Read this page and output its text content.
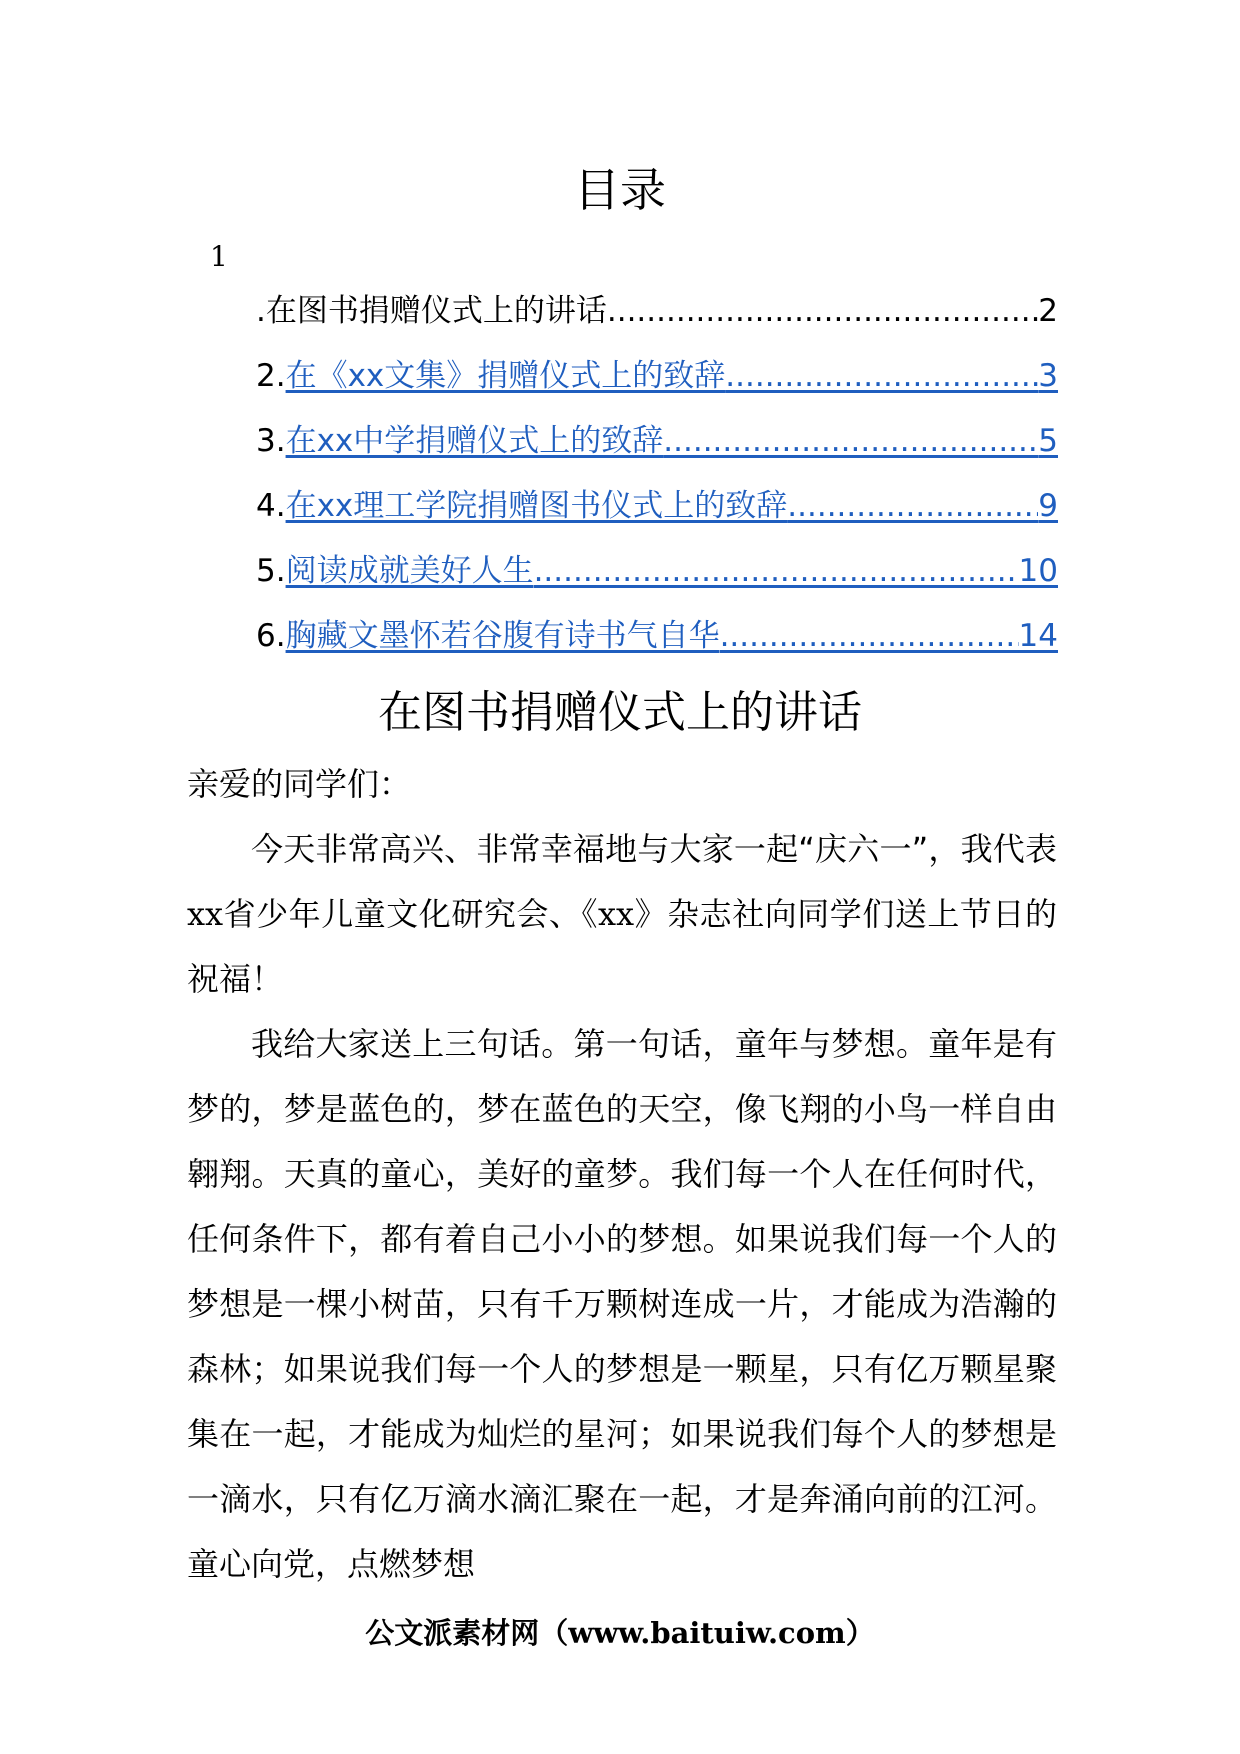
目录
1
. 在图书捐赠仪式上的讲话 .....	2
2. 在《xx文集》捐赠仪式上的致辞 .....	3
3. 在xx中学捐赠仪式上的致辞 .....	5
4. 在xx理工学院捐赠图书仪式上的致辞 .....	9
5. 阅读成就美好人生 .....	10
6. 胸藏文墨怀若谷腹有诗书气自华 .....	14
在图书捐赠仪式上的讲话

亲爱的同学们：

今天非常高兴、非常幸福地与大家一起“庆六一”，我代表xx省少年儿童文化研究会、《xx》杂志社向同学们送上节日的祝福！

我给大家送上三句话。第一句话，童年与梦想。童年是有梦的，梦是蓝色的，梦在蓝色的天空，像飞翔的小鸟一样自由翱翔。天真的童心，美好的童梦。我们每一个人在任何时代，任何条件下，都有着自己小小的梦想。如果说我们每一个人的梦想是一棵小树苗，只有千万颗树连成一片，才能成为浩瀚的森林；如果说我们每一个人的梦想是一颗星，只有亿万颗星聚集在一起，才能成为灿烂的星河；如果说我们每个人的梦想是一滴水，只有亿万滴水滴汇聚在一起，才是奔涌向前的江河。童心向党，点燃梦想

公文派素材网（www.baituiw.com）
